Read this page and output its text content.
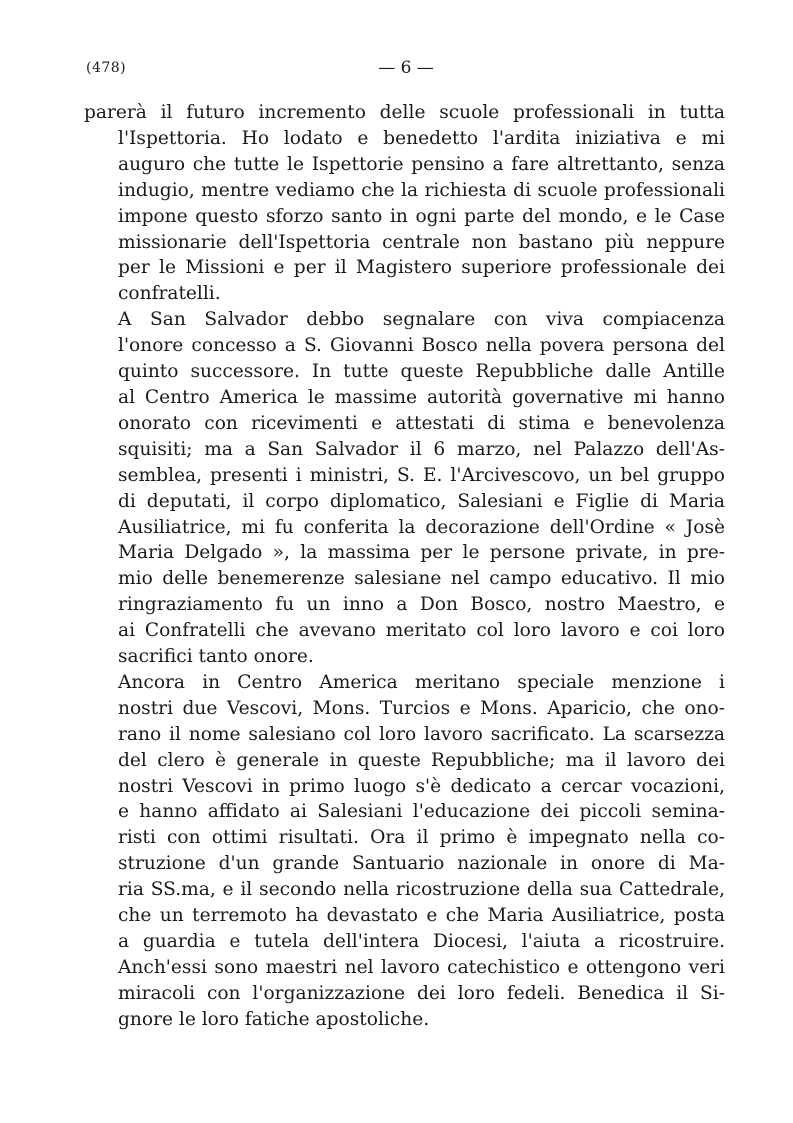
(478)	— 6 —
parerà il futuro incremento delle scuole professionali in tutta
l'Ispettoria. Ho lodato e benedetto l'ardita iniziativa e mi
auguro che tutte le Ispettorie pensino a fare altrettanto, senza
indugio, mentre vediamo che la richiesta di scuole professionali
impone questo sforzo santo in ogni parte del mondo, e le Case
missionarie dell'Ispettoria centrale non bastano più neppure
per le Missioni e per il Magistero superiore professionale dei
confratelli.
A San Salvador debbo segnalare con viva compiacenza
l'onore concesso a S. Giovanni Bosco nella povera persona del
quinto successore. In tutte queste Repubbliche dalle Antille
al Centro America le massime autorità governative mi hanno
onorato con ricevimenti e attestati di stima e benevolenza
squisiti; ma a San Salvador il 6 marzo, nel Palazzo dell'As-
semblea, presenti i ministri, S. E. l'Arcivescovo, un bel gruppo
di deputati, il corpo diplomatico, Salesiani e Figlie di Maria
Ausiliatrice, mi fu conferita la decorazione dell'Ordine « Josè
Maria Delgado », la massima per le persone private, in pre-
mio delle benemerenze salesiane nel campo educativo. Il mio
ringraziamento fu un inno a Don Bosco, nostro Maestro, e
ai Confratelli che avevano meritato col loro lavoro e coi loro
sacrifici tanto onore.
Ancora in Centro America meritano speciale menzione i
nostri due Vescovi, Mons. Turcios e Mons. Aparicio, che ono-
rano il nome salesiano col loro lavoro sacrificato. La scarsezza
del clero è generale in queste Repubbliche; ma il lavoro dei
nostri Vescovi in primo luogo s'è dedicato a cercar vocazioni,
e hanno affidato ai Salesiani l'educazione dei piccoli semina-
risti con ottimi risultati. Ora il primo è impegnato nella co-
struzione d'un grande Santuario nazionale in onore di Ma-
ria SS.ma, e il secondo nella ricostruzione della sua Cattedrale,
che un terremoto ha devastato e che Maria Ausiliatrice, posta
a guardia e tutela dell'intera Diocesi, l'aiuta a ricostruire.
Anch'essi sono maestri nel lavoro catechistico e ottengono veri
miracoli con l'organizzazione dei loro fedeli. Benedica il Si-
gnore le loro fatiche apostoliche.
